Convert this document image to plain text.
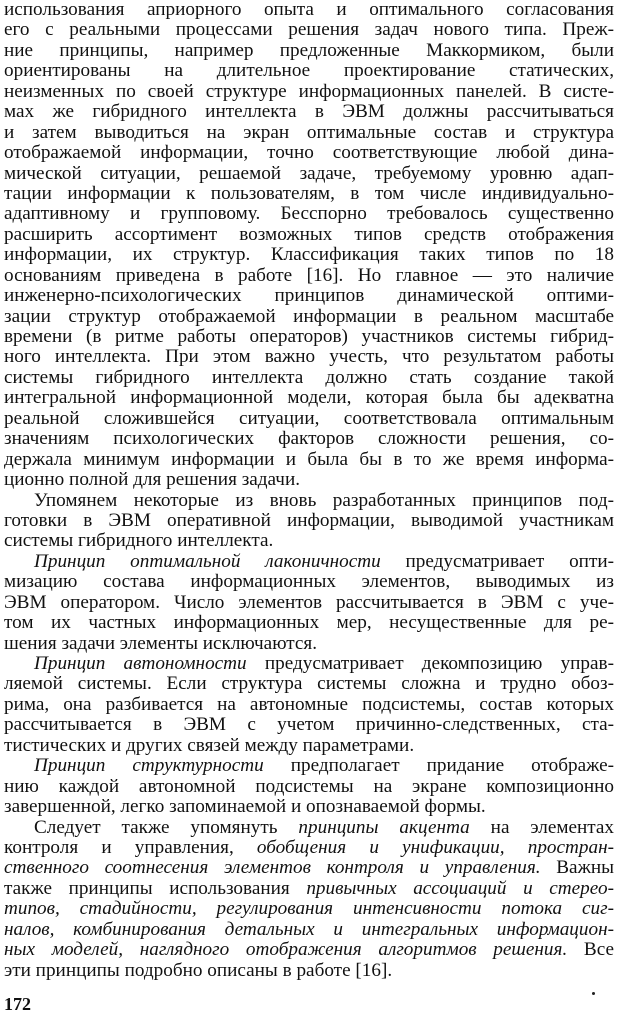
использования априорного опыта и оптимального согласования
его с реальными процессами решения задач нового типа. Преж-
ние принципы, например предложенные Маккормиком, были
ориентированы на длительное проектирование статических,
неизменных по своей структуре информационных панелей. В систе-
мах же гибридного интеллекта в ЭВМ должны рассчитываться
и затем выводиться на экран оптимальные состав и структура
отображаемой информации, точно соответствующие любой дина-
мической ситуации, решаемой задаче, требуемому уровню адап-
тации информации к пользователям, в том числе индивидуально-
адаптивному и групповому. Бесспорно требовалось существенно
расширить ассортимент возможных типов средств отображения
информации, их структур. Классификация таких типов по 18
основаниям приведена в работе [16]. Но главное — это наличие
инженерно-психологических принципов динамической оптими-
зации структур отображаемой информации в реальном масштабе
времени (в ритме работы операторов) участников системы гибрид-
ного интеллекта. При этом важно учесть, что результатом работы
системы гибридного интеллекта должно стать создание такой
интегральной информационной модели, которая была бы адекватна
реальной сложившейся ситуации, соответствовала оптимальным
значениям психологических факторов сложности решения, со-
держала минимум информации и была бы в то же время информа-
ционно полной для решения задачи.
Упомянем некоторые из вновь разработанных принципов под-
готовки в ЭВМ оперативной информации, выводимой участникам
системы гибридного интеллекта.
Принцип оптимальной лаконичности предусматривает опти-
мизацию состава информационных элементов, выводимых из
ЭВМ оператором. Число элементов рассчитывается в ЭВМ с уче-
том их частных информационных мер, несущественные для ре-
шения задачи элементы исключаются.
Принцип автономности предусматривает декомпозицию управ-
ляемой системы. Если структура системы сложна и трудно обоз-
рима, она разбивается на автономные подсистемы, состав которых
рассчитывается в ЭВМ с учетом причинно-следственных, ста-
тистических и других связей между параметрами.
Принцип структурности предполагает придание отображе-
нию каждой автономной подсистемы на экране композиционно
завершенной, легко запоминаемой и опознаваемой формы.
Следует также упомянуть принципы акцента на элементах
контроля и управления, обобщения и унификации, простран-
ственного соотнесения элементов контроля и управления. Важны
также принципы использования привычных ассоциаций и стерео-
типов, стадийности, регулирования интенсивности потока сиг-
налов, комбинирования детальных и интегральных информацион-
ных моделей, наглядного отображения алгоритмов решения. Все
эти принципы подробно описаны в работе [16].
172
